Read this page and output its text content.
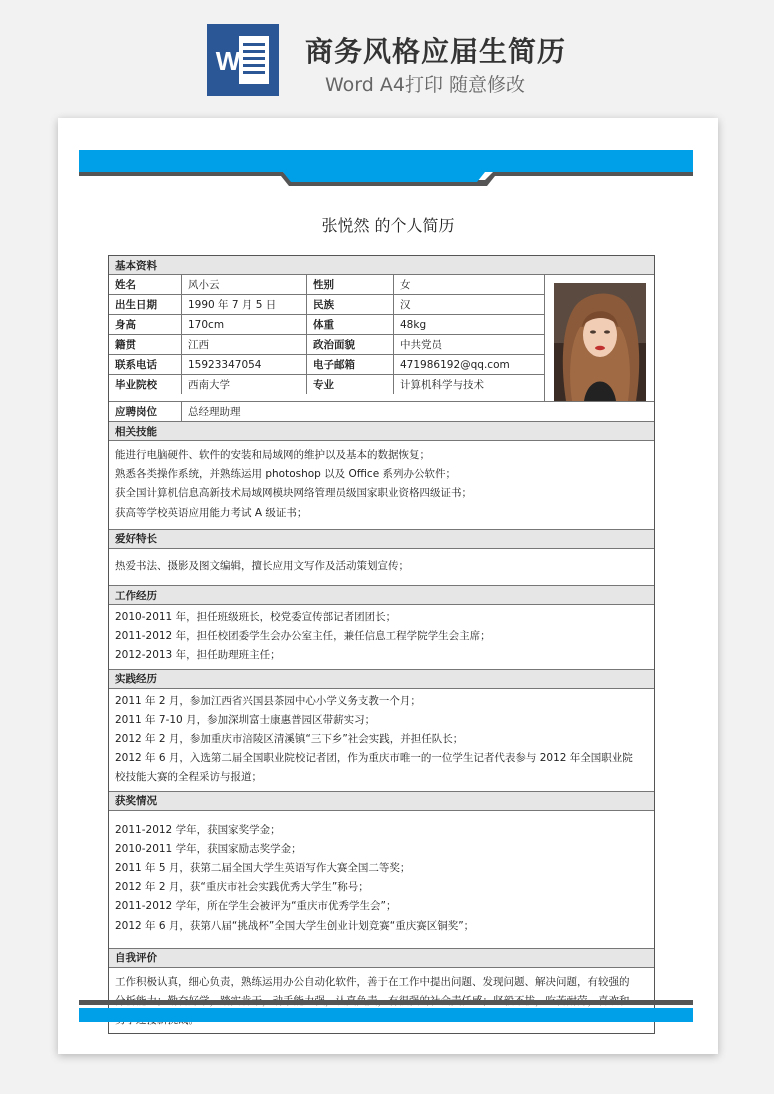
W 商务风格应届生简历
Word A4打印 随意修改
张悦然 的个人简历
基本资料
姓名	风小云	性别	女
出生日期	1990 年 7 月 5 日	民族	汉
身高	170cm	体重	48kg
籍贯	江西	政治面貌	中共党员
联系电话	15923347054	电子邮箱	471986192@qq.com
毕业院校	西南大学	专业	计算机科学与技术
应聘岗位	总经理助理
相关技能
能进行电脑硬件、软件的安装和局域网的维护以及基本的数据恢复；
熟悉各类操作系统，并熟练运用 photoshop 以及 Office 系列办公软件；
获全国计算机信息高新技术局域网模块网络管理员级国家职业资格四级证书；
获高等学校英语应用能力考试 A 级证书；
爱好特长
热爱书法、摄影及图文编辑，擅长应用文写作及活动策划宣传；
工作经历
2010-2011 年，担任班级班长，校党委宣传部记者团团长；
2011-2012 年，担任校团委学生会办公室主任，兼任信息工程学院学生会主席；
2012-2013 年，担任助理班主任；
实践经历
2011 年 2 月，参加江西省兴国县茶园中心小学义务支教一个月；
2011 年 7-10 月，参加深圳富士康惠普园区带薪实习；
2012 年 2 月，参加重庆市涪陵区清溪镇“三下乡”社会实践，并担任队长；
2012 年 6 月，入选第二届全国职业院校记者团，作为重庆市唯一的一位学生记者代表参与 2012 年全国职业院
校技能大赛的全程采访与报道；
获奖情况
2011-2012 学年，获国家奖学金；
2010-2011 学年，获国家励志奖学金；
2011 年 5 月，获第二届全国大学生英语写作大赛全国二等奖；
2012 年 2 月，获“重庆市社会实践优秀大学生”称号；
2011-2012 学年，所在学生会被评为“重庆市优秀学生会”；
2012 年 6 月，获第八届“挑战杯”全国大学生创业计划竞赛“重庆赛区铜奖”；
自我评价
工作积极认真，细心负责，熟练运用办公自动化软件，善于在工作中提出问题、发现问题、解决问题，有较强的
